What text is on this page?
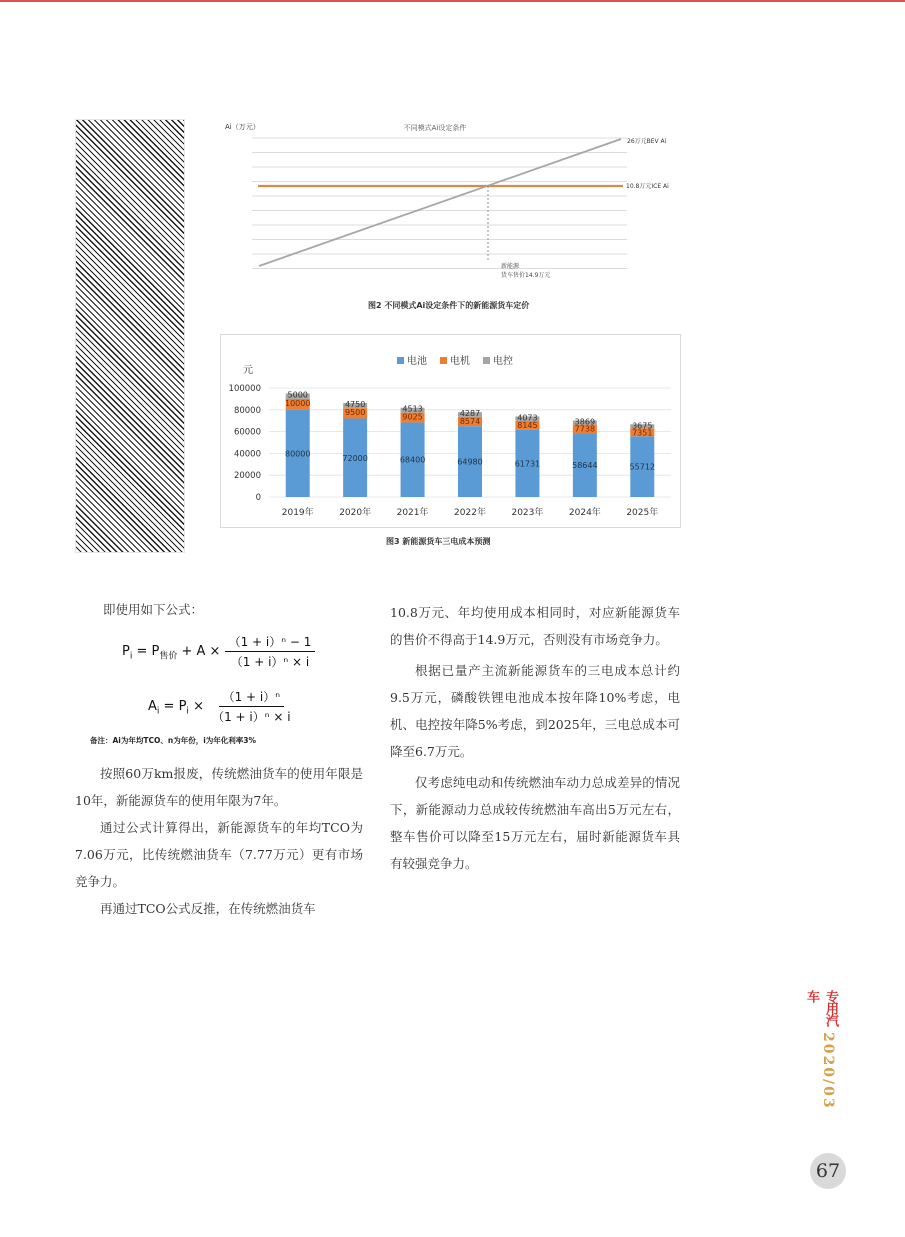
Ai（万元）	不同模式Ai设定条件
26万元BEV Ai
10.8万元ICE Ai
新能源
货车售价14.9万元
图2 不同模式Ai设定条件下的新能源货车定价
元
0
20000
40000
60000
80000
100000
电池 电机 电控
80000
10000
5000
2019年
72000
9500
4750
2020年
68400
9025
4513
2021年
64980
8574
4287
2022年
61731
8145
4073
2023年
58644
7738
3869
2024年
55712
7351
3675
2025年
图3 新能源货车三电成本预测

即使用如下公式：

$P_i = P_{售价} + A \times \frac{\text{（1 + i）ⁿ − 1}}{\text{（1 + i）ⁿ × i}}$
$A_i = P_i \times \frac{\text{（1 + i）ⁿ}}{\text{（1 + i）ⁿ × i}}$
备注：Ai为年均TCO、n为年份，i为年化利率3%

按照60万km报废，传统燃油货车的使用年限是10年，新能源货车的使用年限为7年。

通过公式计算得出，新能源货车的年均TCO为7.06万元，比传统燃油货车（7.77万元）更有市场竞争力。

再通过TCO公式反推，在传统燃油货车

10.8万元、年均使用成本相同时，对应新能源货车的售价不得高于14.9万元，否则没有市场竞争力。

根据已量产主流新能源货车的三电成本总计约9.5万元，磷酸铁锂电池成本按年降10%考虑，电机、电控按年降5%考虑，到2025年，三电总成本可降至6.7万元。

仅考虑纯电动和传统燃油车动力总成差异的情况下，新能源动力总成较传统燃油车高出5万元左右，整车售价可以降至15万元左右，届时新能源货车具有较强竞争力。

专用汽车
2020/03
67
